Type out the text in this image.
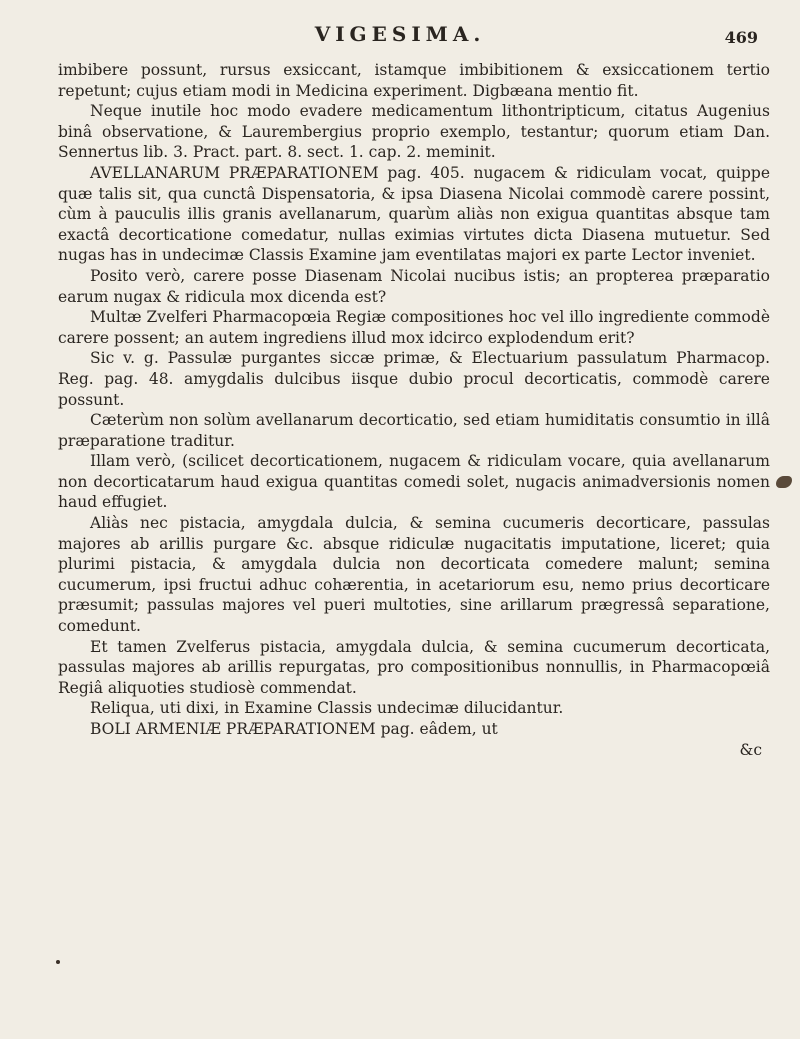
VIGESIMA.	469

imbibere possunt, rursus exsiccant, istamque imbibitionem & exsiccationem tertio repetunt; cujus etiam modi in Medicina experiment. Digbæana mentio fit.

Neque inutile hoc modo evadere medicamentum lithontripticum, citatus Augenius binâ observatione, & Laurembergius proprio exemplo, testantur; quorum etiam Dan. Sennertus lib. 3. Pract. part. 8. sect. 1. cap. 2. meminit.

AVELLANARUM PRÆPARATIONEM pag. 405. nugacem & ridiculam vocat, quippe quæ talis sit, qua cunctâ Dispensatoria, & ipsa Diasena Nicolai commodè carere possint, cùm à pauculis illis granis avellanarum, quarùm aliàs non exigua quantitas absque tam exactâ decorticatione comedatur, nullas eximias virtutes dicta Diasena mutuetur. Sed nugas has in undecimæ Classis Examine jam eventilatas majori ex parte Lector inveniet.

Posito verò, carere posse Diasenam Nicolai nucibus istis; an propterea præparatio earum nugax & ridicula mox dicenda est?

Multæ Zvelferi Pharmacopœia Regiæ compositiones hoc vel illo ingrediente commodè carere possent; an autem ingrediens illud mox idcirco explodendum erit?

Sic v. g. Passulæ purgantes siccæ primæ, & Electuarium passulatum Pharmacop. Reg. pag. 48. amygdalis dulcibus iisque dubio procul decorticatis, commodè carere possunt.

Cæterùm non solùm avellanarum decorticatio, sed etiam humiditatis consumtio in illâ præparatione traditur.

Illam verò, (scilicet decorticationem, nugacem & ridiculam vocare, quia avellanarum non decorticatarum haud exigua quantitas comedi solet, nugacis animadversionis nomen haud effugiet.

Aliàs nec pistacia, amygdala dulcia, & semina cucumeris decorticare, passulas majores ab arillis purgare &c. absque ridiculæ nugacitatis imputatione, liceret; quia plurimi pistacia, & amygdala dulcia non decorticata comedere malunt; semina cucumerum, ipsi fructui adhuc cohærentia, in acetariorum esu, nemo prius decorticare præsumit; passulas majores vel pueri multoties, sine arillarum prægressâ separatione, comedunt.

Et tamen Zvelferus pistacia, amygdala dulcia, & semina cucumerum decorticata, passulas majores ab arillis repurgatas, pro compositionibus nonnullis, in Pharmacopœiâ Regiâ aliquoties studiosè commendat.

Reliqua, uti dixi, in Examine Classis undecimæ dilucidantur.

BOLI ARMENIÆ PRÆPARATIONEM pag. eâdem, ut

&c
